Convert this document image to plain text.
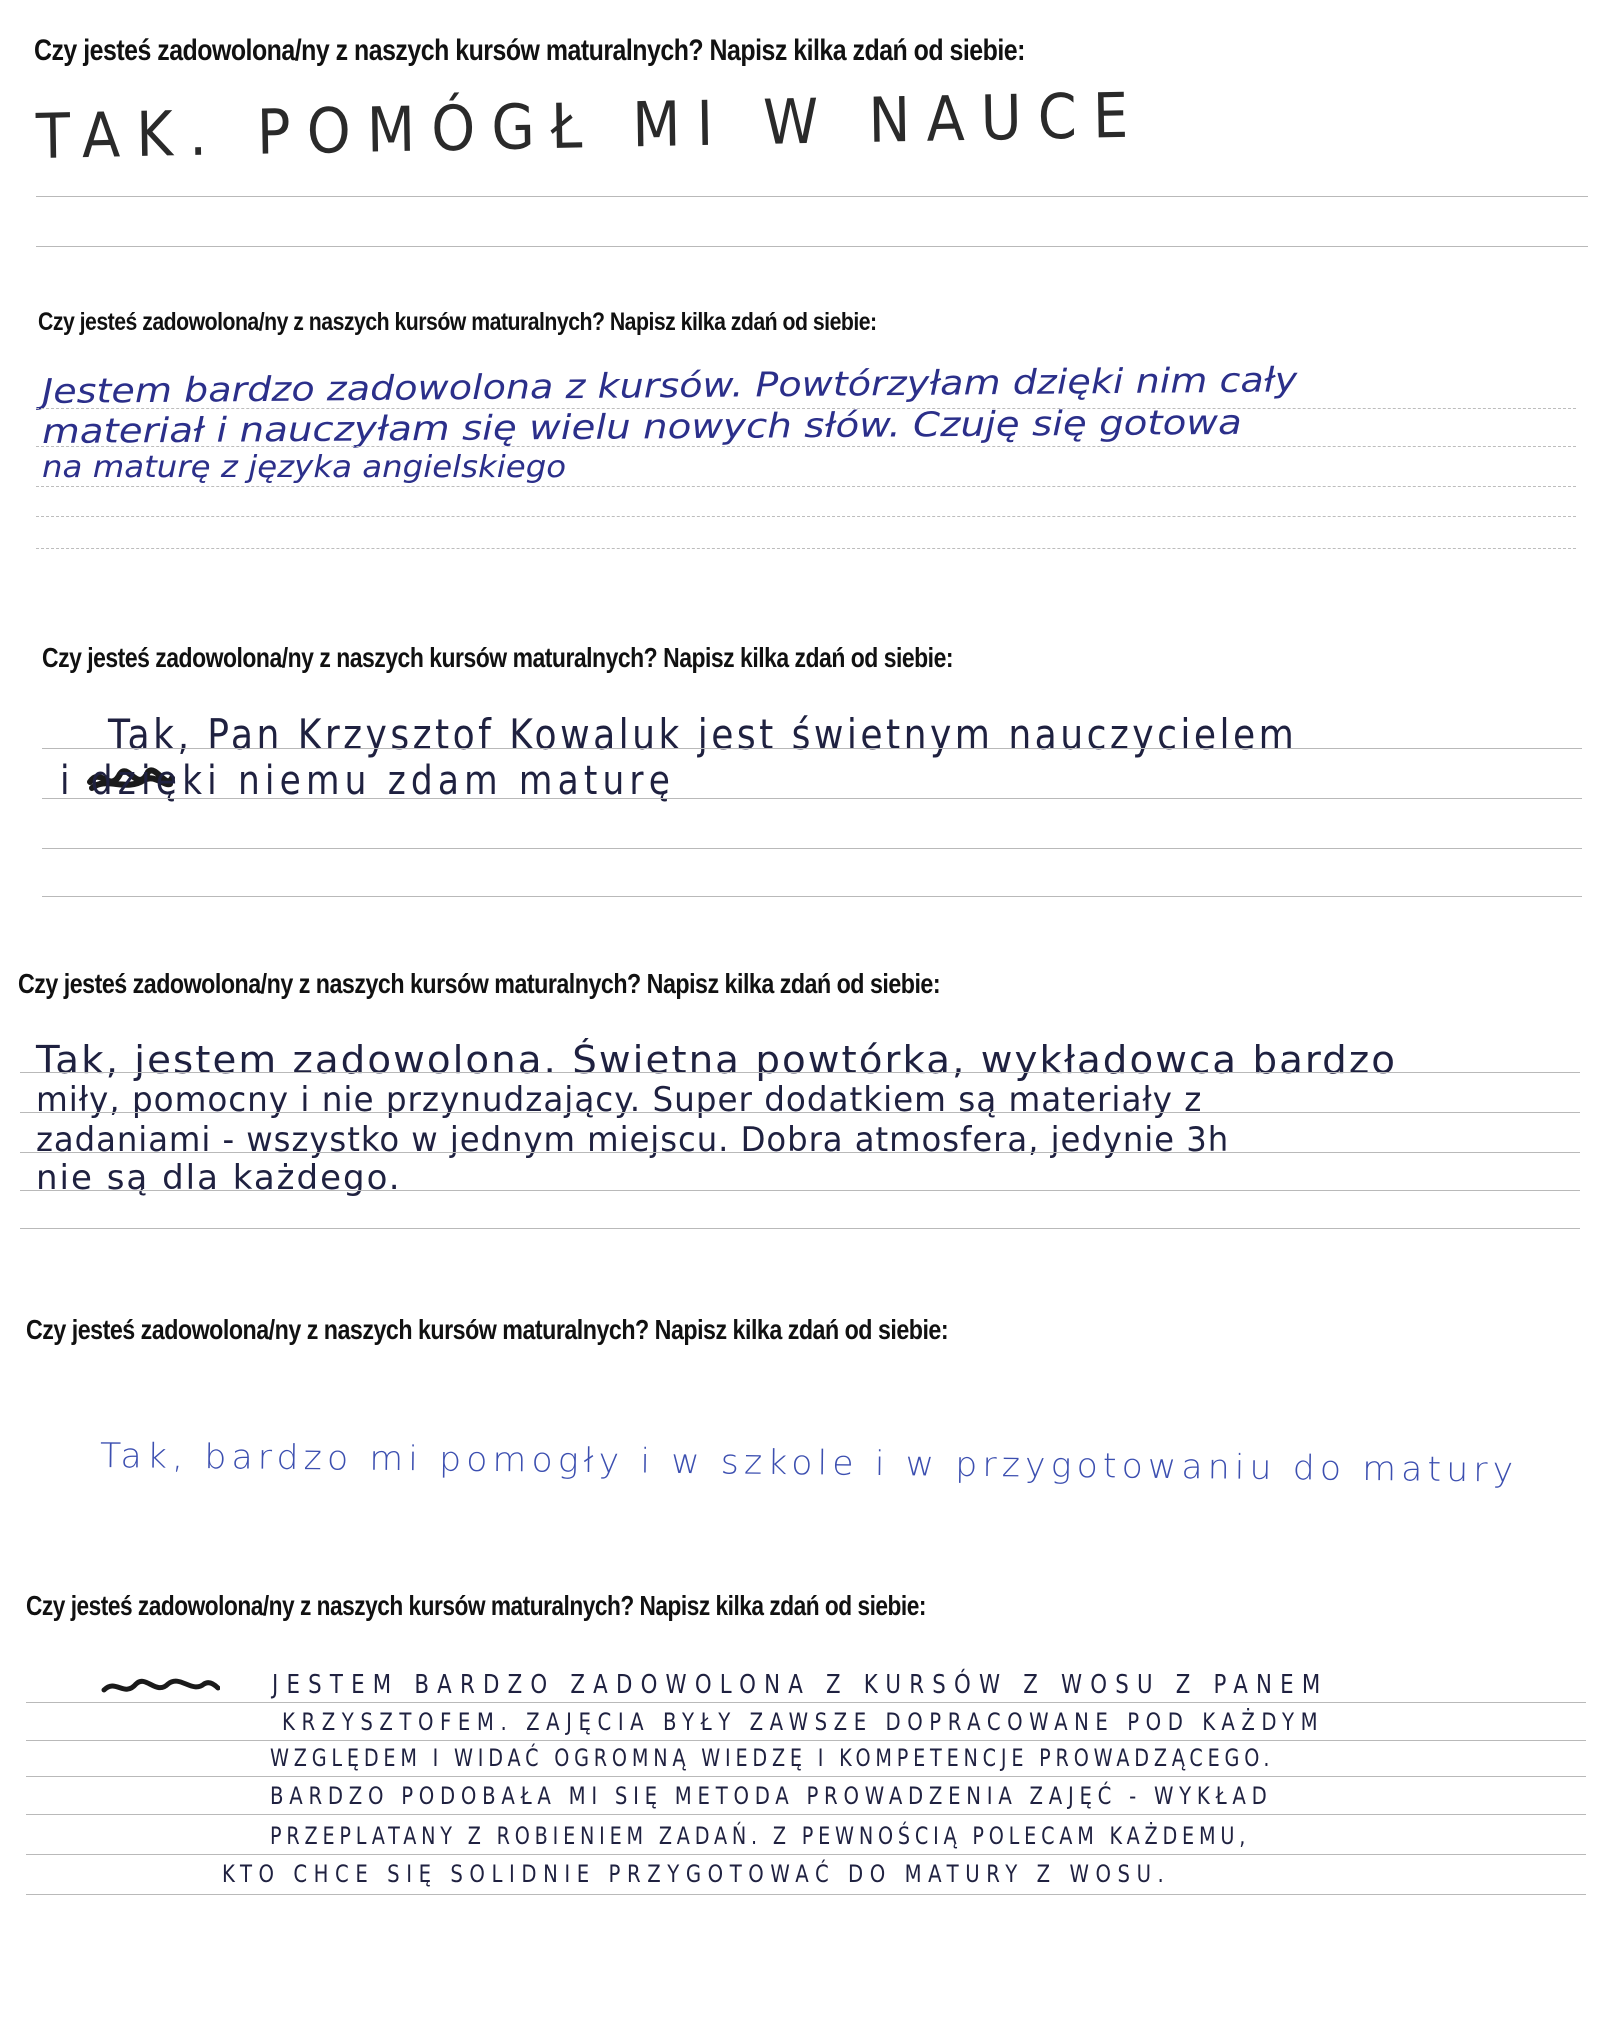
Czy jesteś zadowolona/ny z naszych kursów maturalnych? Napisz kilka zdań od siebie:
TAK. POMÓGŁ MI W NAUCE
Czy jesteś zadowolona/ny z naszych kursów maturalnych? Napisz kilka zdań od siebie:
Jestem bardzo zadowolona z kursów. Powtórzyłam dzięki nim cały
materiał i nauczyłam się wielu nowych słów. Czuję się gotowa
na maturę z języka angielskiego
Czy jesteś zadowolona/ny z naszych kursów maturalnych? Napisz kilka zdań od siebie:
Tak, Pan Krzysztof Kowaluk jest świetnym nauczycielem
i dzięki niemu zdam maturę
Czy jesteś zadowolona/ny z naszych kursów maturalnych? Napisz kilka zdań od siebie:
Tak, jestem zadowolona. Świetna powtórka, wykładowca bardzo
miły, pomocny i nie przynudzający. Super dodatkiem są materiały z
zadaniami - wszystko w jednym miejscu. Dobra atmosfera, jedynie 3h
nie są dla każdego.
Czy jesteś zadowolona/ny z naszych kursów maturalnych? Napisz kilka zdań od siebie:
Tak, bardzo mi pomogły i w szkole i w przygotowaniu do matury
Czy jesteś zadowolona/ny z naszych kursów maturalnych? Napisz kilka zdań od siebie:
JESTEM BARDZO ZADOWOLONA Z KURSÓW Z WOSU Z PANEM
KRZYSZTOFEM. ZAJĘCIA BYŁY ZAWSZE DOPRACOWANE POD KAŻDYM
WZGLĘDEM I WIDAĆ OGROMNĄ WIEDZĘ I KOMPETENCJE PROWADZĄCEGO.
BARDZO PODOBAŁA MI SIĘ METODA PROWADZENIA ZAJĘĆ - WYKŁAD
PRZEPLATANY Z ROBIENIEM ZADAŃ. Z PEWNOŚCIĄ POLECAM KAŻDEMU,
KTO CHCE SIĘ SOLIDNIE PRZYGOTOWAĆ DO MATURY Z WOSU.
